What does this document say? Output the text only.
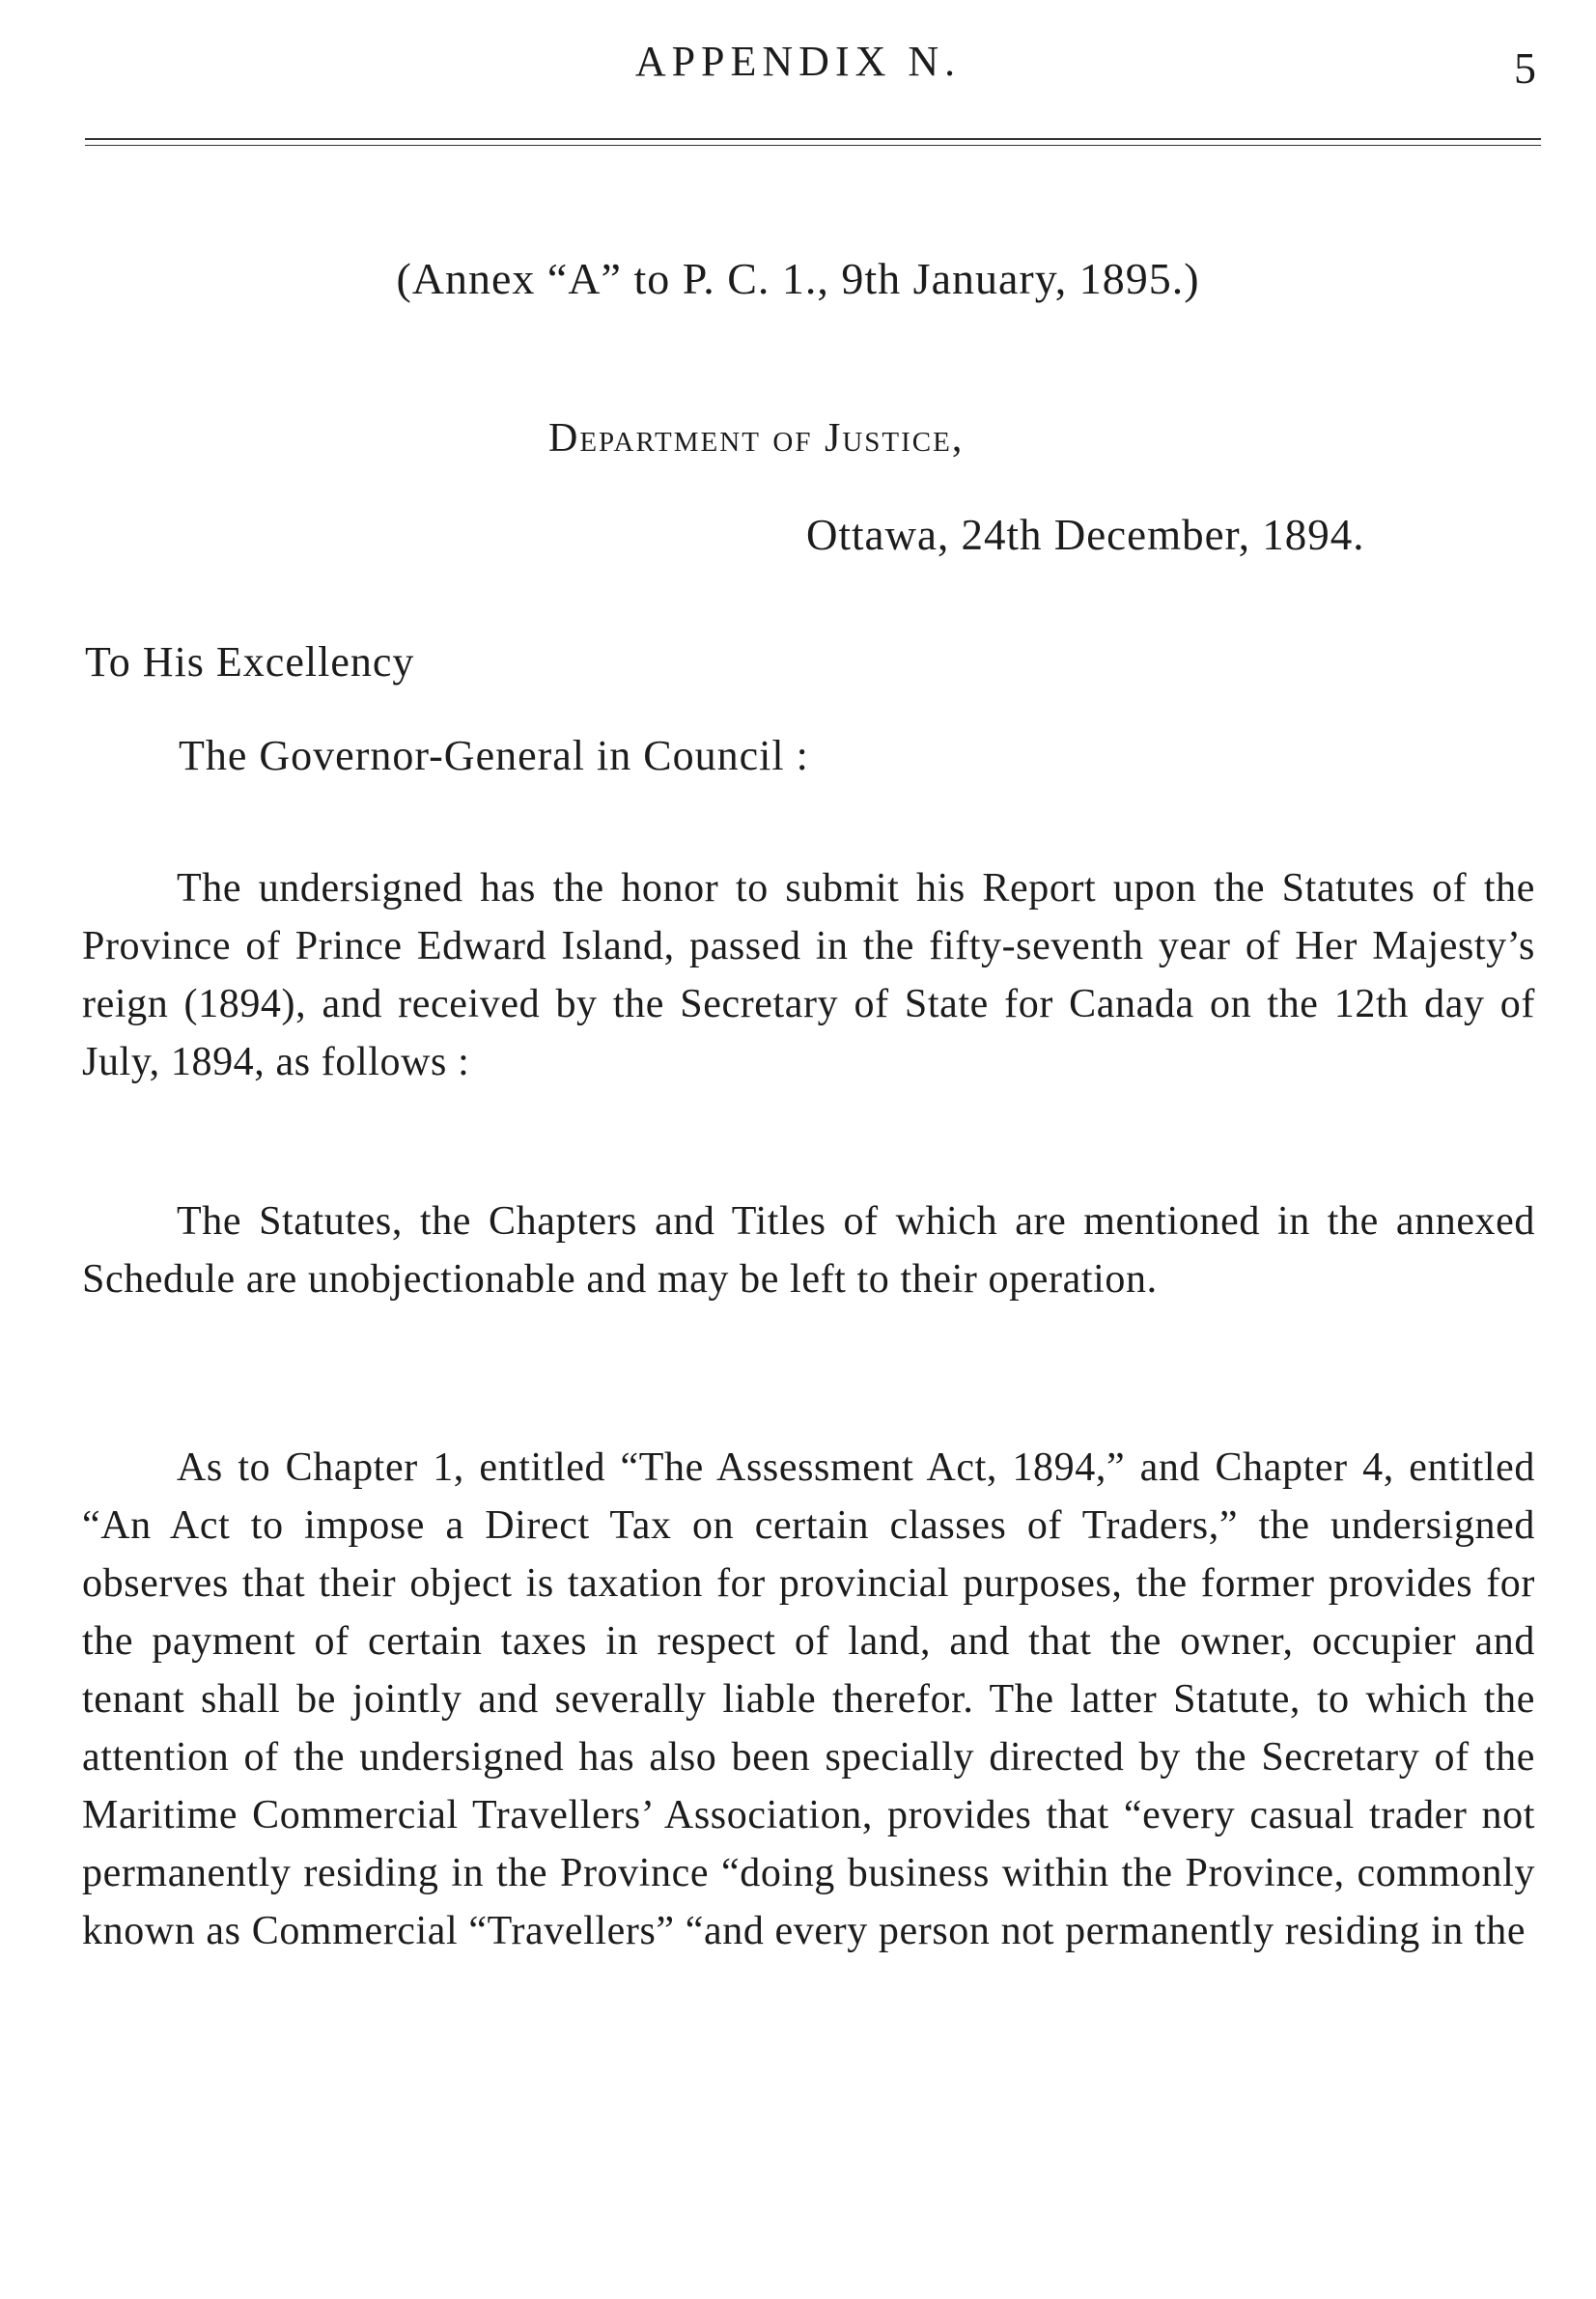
APPENDIX N.	5
(Annex “A” to P. C. 1., 9th January, 1895.)
Department of Justice,
Ottawa, 24th December, 1894.
To His Excellency
The Governor-General in Council :

The undersigned has the honor to submit his Report upon the Statutes of the Province of Prince Edward Island, passed in the fifty-seventh year of Her Majesty’s reign (1894), and received by the Secretary of State for Canada on the 12th day of July, 1894, as follows :

The Statutes, the Chapters and Titles of which are mentioned in the annexed Schedule are unobjectionable and may be left to their operation.

As to Chapter 1, entitled “The Assessment Act, 1894,” and Chapter 4, entitled “An Act to impose a Direct Tax on certain classes of Traders,” the undersigned observes that their object is taxation for provincial purposes, the former provides for the payment of certain taxes in respect of land, and that the owner, occupier and tenant shall be jointly and severally liable therefor. The latter Statute, to which the attention of the undersigned has also been specially directed by the Secretary of the Maritime Commercial Travellers’ Association, provides that “every casual trader not permanently residing in the Province “doing business within the Province, commonly known as Commercial “Travellers” “and every person not permanently residing in the
